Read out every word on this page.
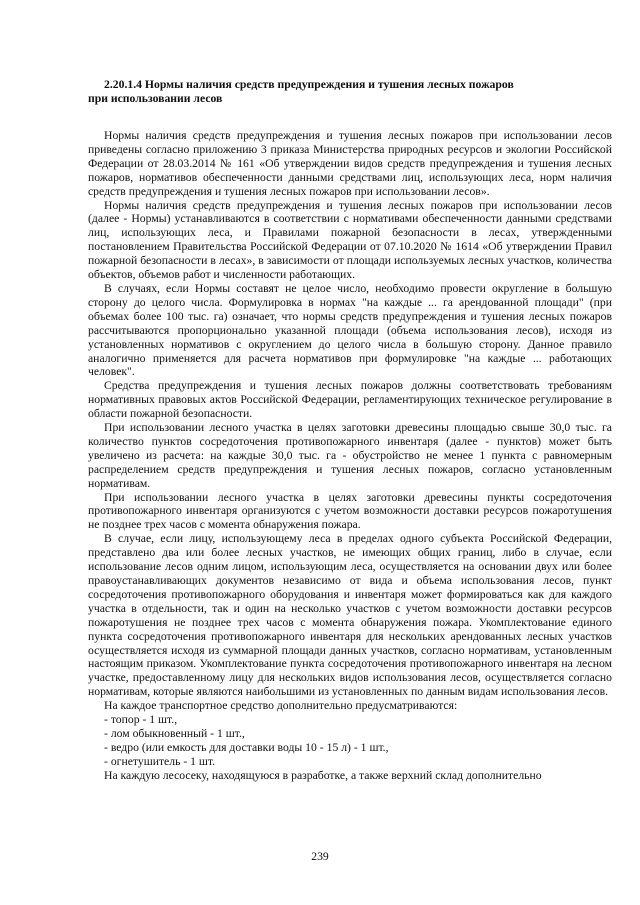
2.20.1.4 Нормы наличия средств предупреждения и тушения лесных пожаров
при использовании лесов

Нормы наличия средств предупреждения и тушения лесных пожаров при использовании лесов приведены согласно приложению 3 приказа Министерства природных ресурсов и экологии Российской Федерации от 28.03.2014 № 161 «Об утверждении видов средств предупреждения и тушения лесных пожаров, нормативов обеспеченности данными средствами лиц, использующих леса, норм наличия средств предупреждения и тушения лесных пожаров при использовании лесов».

Нормы наличия средств предупреждения и тушения лесных пожаров при использовании лесов (далее - Нормы) устанавливаются в соответствии с нормативами обеспеченности данными средствами лиц, использующих леса, и Правилами пожарной безопасности в лесах, утвержденными постановлением Правительства Российской Федерации от 07.10.2020 № 1614 «Об утверждении Правил пожарной безопасности в лесах», в зависимости от площади используемых лесных участков, количества объектов, объемов работ и численности работающих.

В случаях, если Нормы составят не целое число, необходимо провести округление в большую сторону до целого числа. Формулировка в нормах "на каждые ... га арендованной площади" (при объемах более 100 тыс. га) означает, что нормы средств предупреждения и тушения лесных пожаров рассчитываются пропорционально указанной площади (объема использования лесов), исходя из установленных нормативов с округлением до целого числа в большую сторону. Данное правило аналогично применяется для расчета нормативов при формулировке "на каждые ... работающих человек".

Средства предупреждения и тушения лесных пожаров должны соответствовать требованиям нормативных правовых актов Российской Федерации, регламентирующих техническое регулирование в области пожарной безопасности.

При использовании лесного участка в целях заготовки древесины площадью свыше 30,0 тыс. га количество пунктов сосредоточения противопожарного инвентаря (далее - пунктов) может быть увеличено из расчета: на каждые 30,0 тыс. га - обустройство не менее 1 пункта с равномерным распределением средств предупреждения и тушения лесных пожаров, согласно установленным нормативам.

При использовании лесного участка в целях заготовки древесины пункты сосредоточения противопожарного инвентаря организуются с учетом возможности доставки ресурсов пожаротушения не позднее трех часов с момента обнаружения пожара.

В случае, если лицу, использующему леса в пределах одного субъекта Российской Федерации, представлено два или более лесных участков, не имеющих общих границ, либо в случае, если использование лесов одним лицом, использующим леса, осуществляется на основании двух или более правоустанавливающих документов независимо от вида и объема использования лесов, пункт сосредоточения противопожарного оборудования и инвентаря может формироваться как для каждого участка в отдельности, так и один на несколько участков с учетом возможности доставки ресурсов пожаротушения не позднее трех часов с момента обнаружения пожара. Укомплектование единого пункта сосредоточения противопожарного инвентаря для нескольких арендованных лесных участков осуществляется исходя из суммарной площади данных участков, согласно нормативам, установленным настоящим приказом. Укомплектование пункта сосредоточения противопожарного инвентаря на лесном участке, предоставленному лицу для нескольких видов использования лесов, осуществляется согласно нормативам, которые являются наибольшими из установленных по данным видам использования лесов.

На каждое транспортное средство дополнительно предусматриваются:

- топор - 1 шт.,

- лом обыкновенный - 1 шт.,

- ведро (или емкость для доставки воды 10 - 15 л) - 1 шт.,

- огнетушитель - 1 шт.

На каждую лесосеку, находящуюся в разработке, а также верхний склад дополнительно

239
